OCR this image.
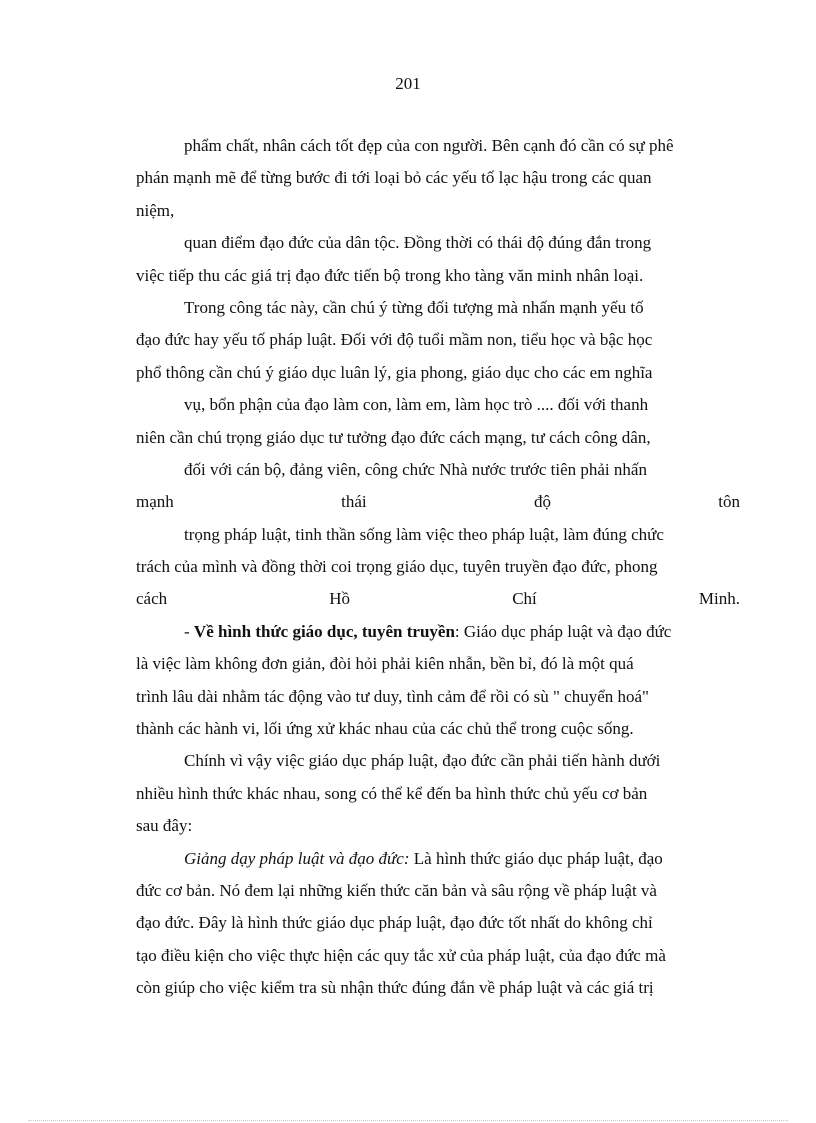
201
phẩm chất, nhân cách tốt đẹp của con người. Bên cạnh đó cần có sự phê
phán mạnh mẽ để từng bước đi tới loại bỏ các yếu tố lạc hậu trong các quan
niệm,
quan điểm đạo đức của dân tộc. Đồng thời có thái độ đúng đắn trong
việc tiếp thu các giá trị đạo đức tiến bộ trong kho tàng văn minh nhân loại.
Trong công tác này, cần chú ý từng đối tượng mà nhấn mạnh yếu tố
đạo đức hay yếu tố pháp luật. Đối với độ tuổi mầm non, tiểu học và bậc học
phổ thông cần chú ý giáo dục luân lý, gia phong, giáo dục cho các em nghĩa
vụ, bổn phận của đạo làm con, làm em, làm học trò .... đối với thanh
niên cần chú trọng giáo dục tư tưởng đạo đức cách mạng, tư cách công dân,
đối với cán bộ, đảng viên, công chức Nhà nước trước tiên phải nhấn
mạnh	thái	độ	tôn
trọng pháp luật, tinh thần sống làm việc theo pháp luật, làm đúng chức
trách của mình và đồng thời coi trọng giáo dục, tuyên truyền đạo đức, phong
cách	Hồ	Chí	Minh.
- Về hình thức giáo dục, tuyên truyền: Giáo dục pháp luật và đạo đức
là việc làm không đơn giản, đòi hỏi phải kiên nhẫn, bền bỉ, đó là một quá
trình lâu dài nhằm tác động vào tư duy, tình cảm để rồi có sù " chuyển hoá"
thành các hành vi, lối ứng xử khác nhau của các chủ thể trong cuộc sống.
Chính vì vậy việc giáo dục pháp luật, đạo đức cần phải tiến hành dưới
nhiều hình thức khác nhau, song có thể kể đến ba hình thức chủ yếu cơ bản
sau đây:
Giảng dạy pháp luật và đạo đức: Là hình thức giáo dục pháp luật, đạo
đức cơ bản. Nó đem lại những kiến thức căn bản và sâu rộng về pháp luật và
đạo đức. Đây là hình thức giáo dục pháp luật, đạo đức tốt nhất do không chỉ
tạo điều kiện cho việc thực hiện các quy tắc xử của pháp luật, của đạo đức mà
còn giúp cho việc kiểm tra sù nhận thức đúng đắn về pháp luật và các giá trị
